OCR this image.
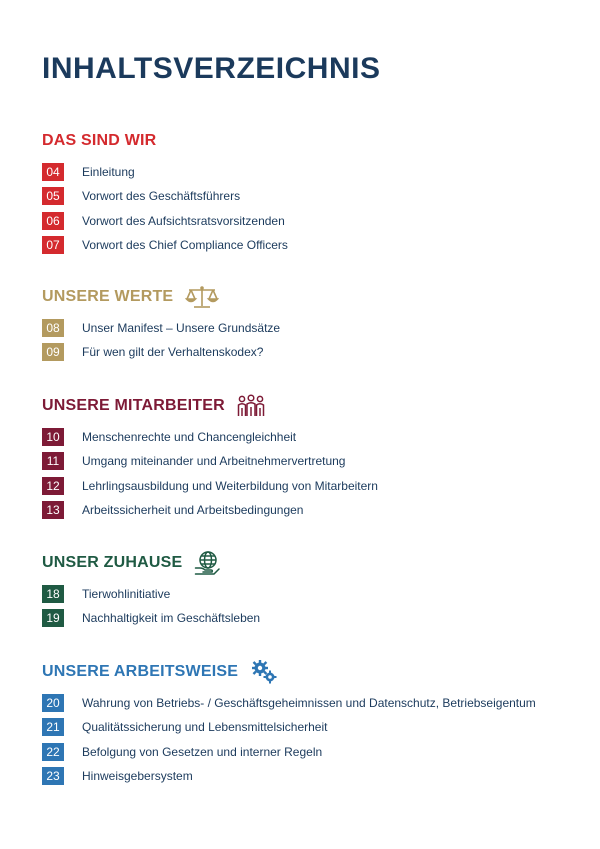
INHALTSVERZEICHNIS
DAS SIND WIR
04	Einleitung
05	Vorwort des Geschäftsführers
06	Vorwort des Aufsichtsratsvorsitzenden
07	Vorwort des Chief Compliance Officers
UNSERE WERTE
08	Unser Manifest – Unsere Grundsätze
09	Für wen gilt der Verhaltenskodex?
UNSERE MITARBEITER
10	Menschenrechte und Chancengleichheit
11	Umgang miteinander und Arbeitnehmervertretung
12	Lehrlingsausbildung und Weiterbildung von Mitarbeitern
13	Arbeitssicherheit und Arbeitsbedingungen
UNSER ZUHAUSE
18	Tierwohlinitiative
19	Nachhaltigkeit im Geschäftsleben
UNSERE ARBEITSWEISE
20	Wahrung von Betriebs- / Geschäftsgeheimnissen und Datenschutz, Betriebseigentum
21	Qualitätssicherung und Lebensmittelsicherheit
22	Befolgung von Gesetzen und interner Regeln
23	Hinweisgebersystem
